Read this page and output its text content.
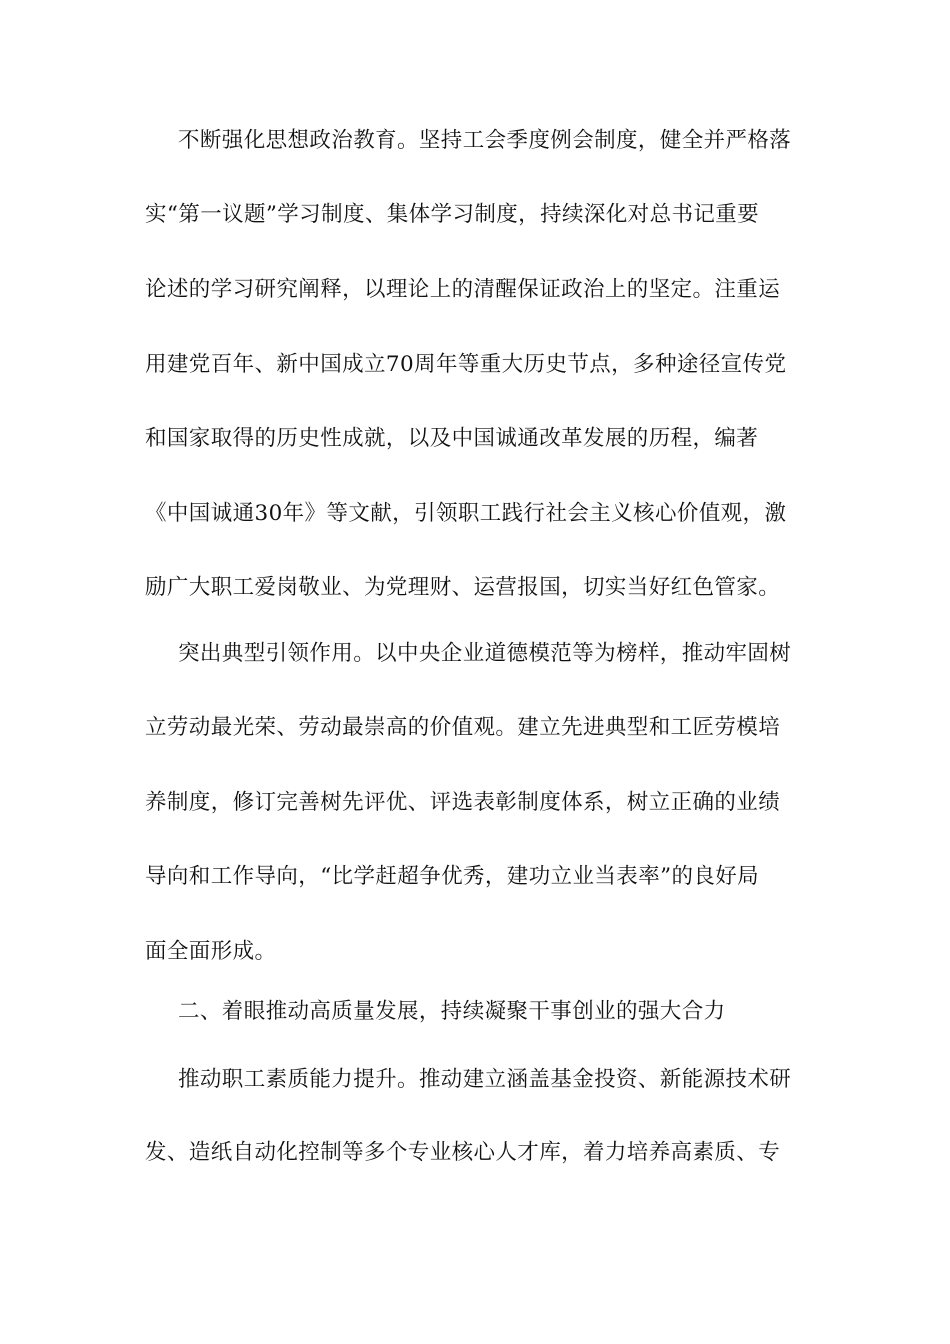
不断强化思想政治教育。坚持工会季度例会制度，健全并严格落
实“第一议题”学习制度、集体学习制度，持续深化对总书记重要
论述的学习研究阐释，以理论上的清醒保证政治上的坚定。注重运
用建党百年、新中国成立70周年等重大历史节点，多种途径宣传党
和国家取得的历史性成就，以及中国诚通改革发展的历程，编著
《中国诚通30年》等文献，引领职工践行社会主义核心价值观，激
励广大职工爱岗敬业、为党理财、运营报国，切实当好红色管家。
突出典型引领作用。以中央企业道德模范等为榜样，推动牢固树
立劳动最光荣、劳动最崇高的价值观。建立先进典型和工匠劳模培
养制度，修订完善树先评优、评选表彰制度体系，树立正确的业绩
导向和工作导向，“比学赶超争优秀，建功立业当表率”的良好局
面全面形成。
二、着眼推动高质量发展，持续凝聚干事创业的强大合力
推动职工素质能力提升。推动建立涵盖基金投资、新能源技术研
发、造纸自动化控制等多个专业核心人才库，着力培养高素质、专
